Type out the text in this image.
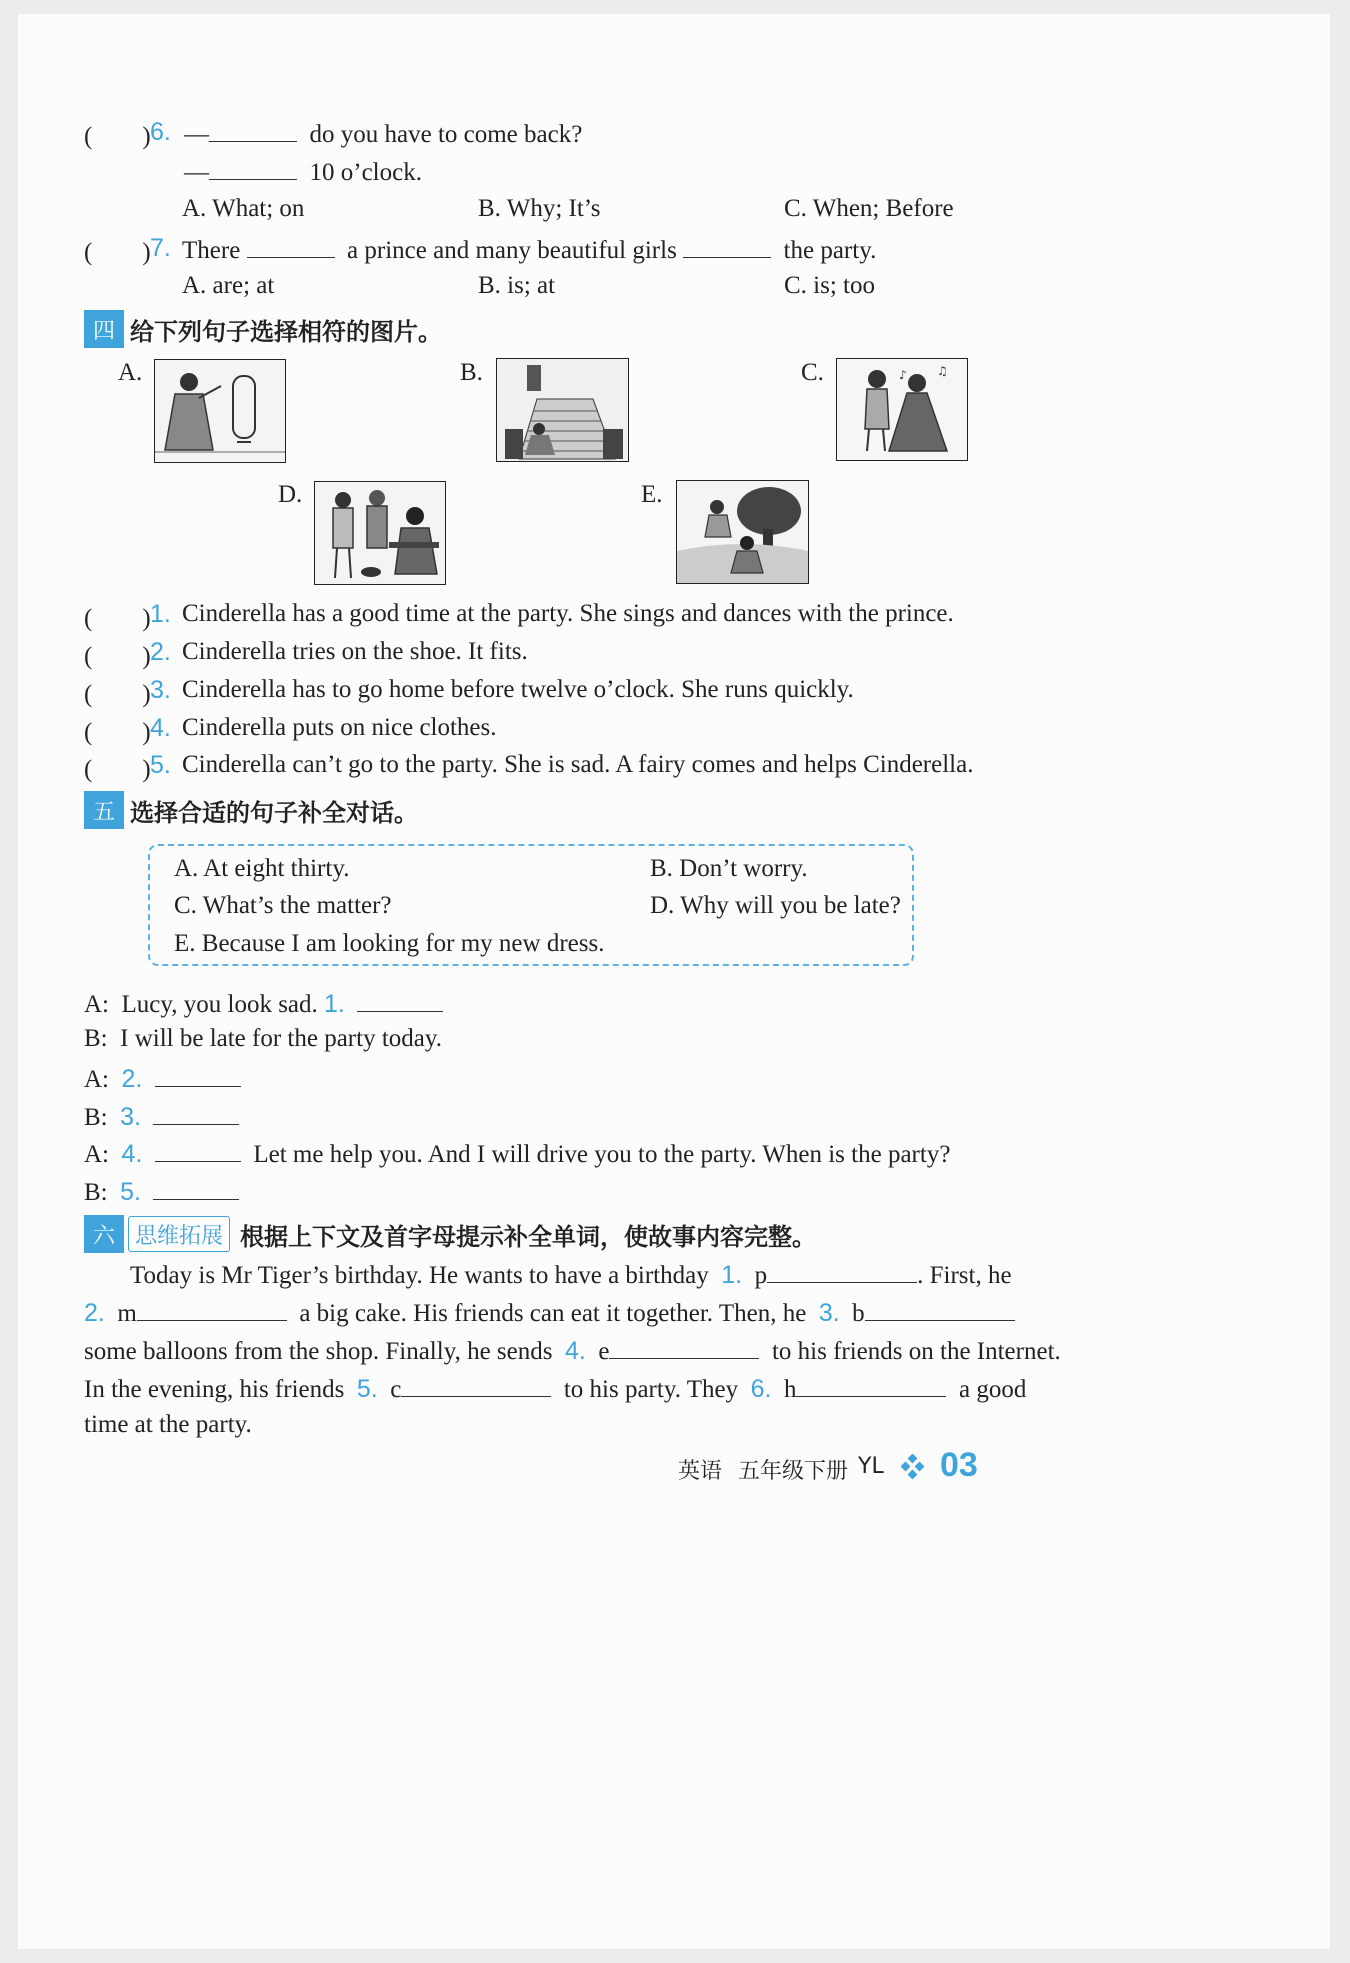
(　　) 6. —	do you have to come back?
—	10 o’clock.
A. What; on	B. Why; It’s	C. When; Before
(　　) 7. There	a prince and many beautiful girls	the party.
A. are; at	B. is; at	C. is; too
四 给下列句子选择相符的图片。
A.	B.	C.	♪	♫
D.	E.
(　　) 1. Cinderella has a good time at the party. She sings and dances with the prince.
(　　) 2. Cinderella tries on the shoe. It fits.
(　　) 3. Cinderella has to go home before twelve o’clock. She runs quickly.
(　　) 4. Cinderella puts on nice clothes.
(　　) 5. Cinderella can’t go to the party. She is sad. A fairy comes and helps Cinderella.
五 选择合适的句子补全对话。
A. At eight thirty.	B. Don’t worry.
C. What’s the matter?	D. Why will you be late?
E. Because I am looking for my new dress.
A: Lucy, you look sad. 1.
B: I will be late for the party today.
A: 2.
B: 3.
A: 4.	Let me help you. And I will drive you to the party. When is the party?
B: 5.
六 思维拓展 根据上下文及首字母提示补全单词，使故事内容完整。
Today is Mr Tiger’s birthday. He wants to have a birthday 1. p	. First, he
2. m	a big cake. His friends can eat it together. Then, he 3. b
some balloons from the shop. Finally, he sends 4. e	to his friends on the Internet.
In the evening, his friends 5. c	to his party. They 6. h	a good
time at the party.
英语 五年级下册 YL 03
